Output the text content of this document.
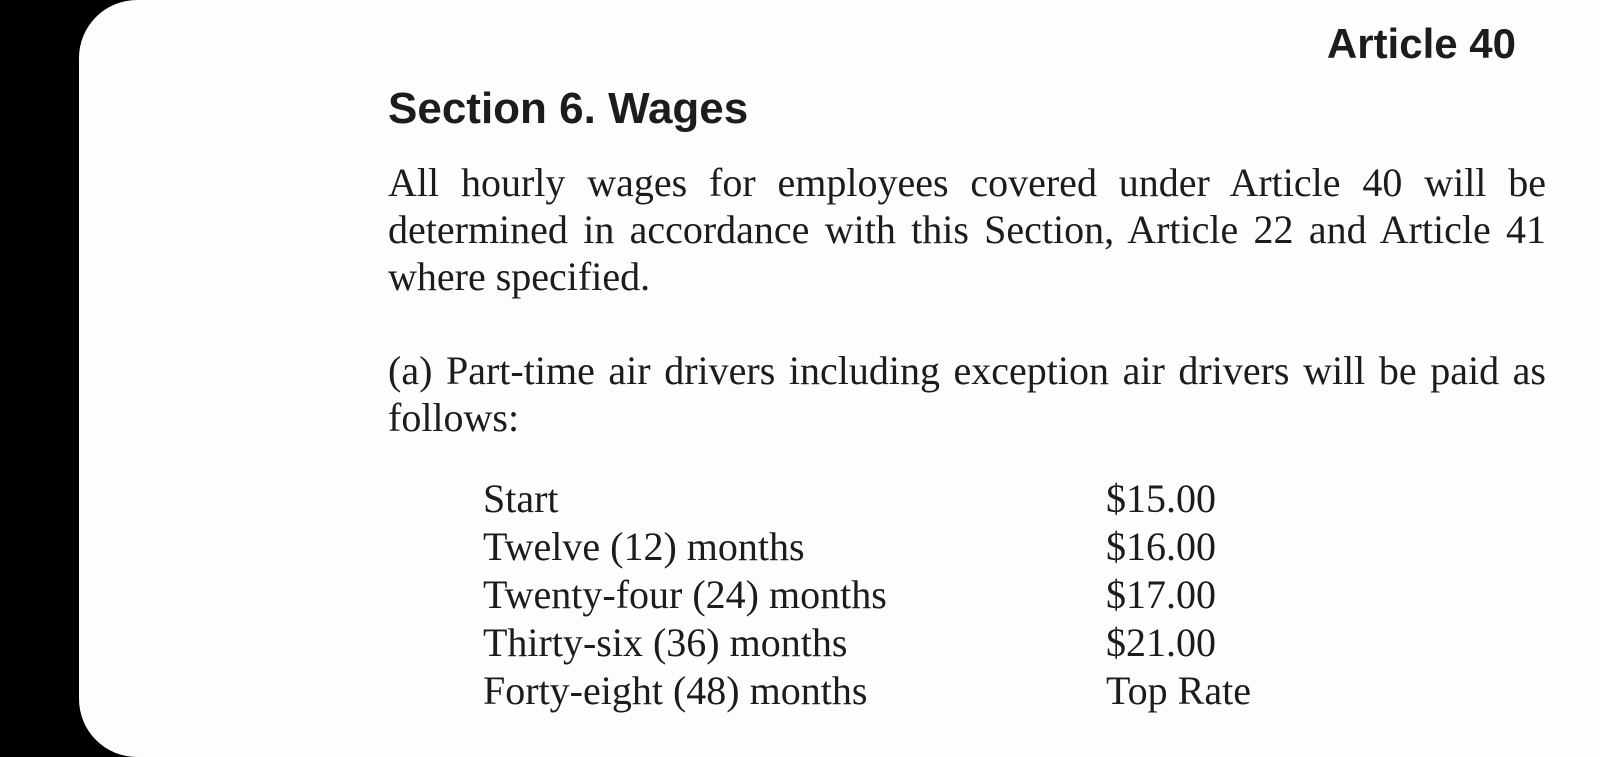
Article 40
Section 6. Wages

All hourly wages for employees covered under Article 40 will be determined in accordance with this Section, Article 22 and Article 41 where specified.

(a) Part-time air drivers including exception air drivers will be paid as follows:

Start	$15.00
Twelve (12) months	$16.00
Twenty-four (24) months	$17.00
Thirty-six (36) months	$21.00
Forty-eight (48) months	Top Rate
